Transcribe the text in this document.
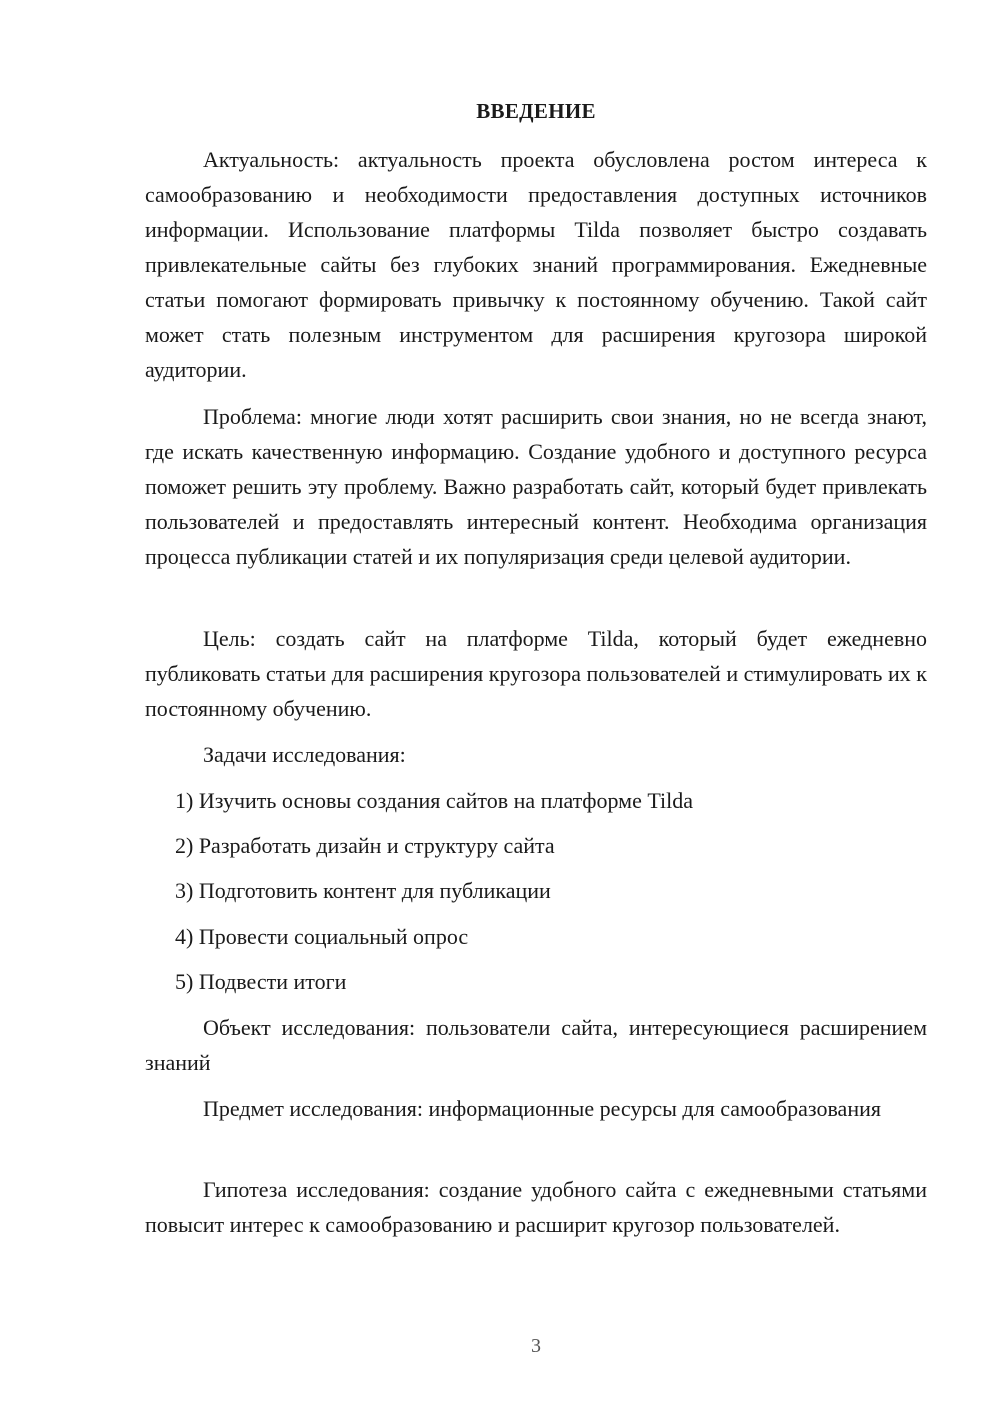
ВВЕДЕНИЕ
Актуальность: актуальность проекта обусловлена ростом интереса к самообразованию и необходимости предоставления доступных источников информации. Использование платформы Tilda позволяет быстро создавать привлекательные сайты без глубоких знаний программирования. Ежедневные статьи помогают формировать привычку к постоянному обучению. Такой сайт может стать полезным инструментом для расширения кругозора широкой аудитории.
Проблема: многие люди хотят расширить свои знания, но не всегда знают, где искать качественную информацию. Создание удобного и доступного ресурса поможет решить эту проблему. Важно разработать сайт, который будет привлекать пользователей и предоставлять интересный контент. Необходима организация процесса публикации статей и их популяризация среди целевой аудитории.
Цель: создать сайт на платформе Tilda, который будет ежедневно публиковать статьи для расширения кругозора пользователей и стимулировать их к постоянному обучению.
Задачи исследования:
1) Изучить основы создания сайтов на платформе Tilda
2) Разработать дизайн и структуру сайта
3) Подготовить контент для публикации
4) Провести социальный опрос
5) Подвести итоги
Объект исследования: пользователи сайта, интересующиеся расширением знаний
Предмет исследования: информационные ресурсы для самообразования
Гипотеза исследования: создание удобного сайта с ежедневными статьями повысит интерес к самообразованию и расширит кругозор пользователей.
3
